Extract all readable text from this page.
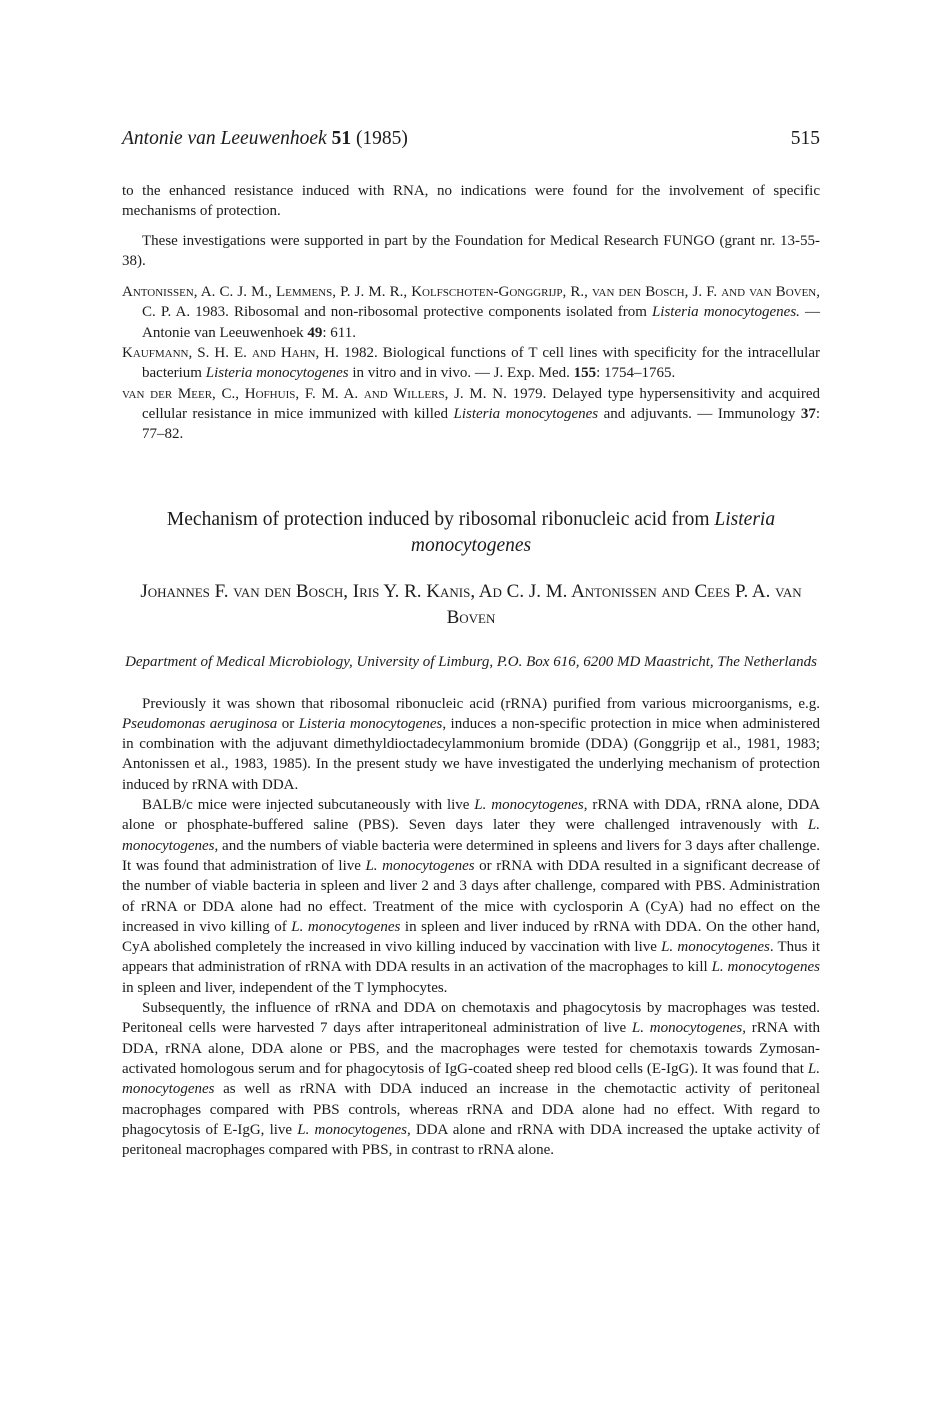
Antonie van Leeuwenhoek 51 (1985)	515

to the enhanced resistance induced with RNA, no indications were found for the involvement of specific mechanisms of protection.

These investigations were supported in part by the Foundation for Medical Research FUNGO (grant nr. 13-55-38).

Antonissen, A. C. J. M., Lemmens, P. J. M. R., Kolfschoten-Gonggrijp, R., van den Bosch, J. F. and van Boven, C. P. A. 1983. Ribosomal and non-ribosomal protective components isolated from Listeria monocytogenes. — Antonie van Leeuwenhoek 49: 611.

Kaufmann, S. H. E. and Hahn, H. 1982. Biological functions of T cell lines with specificity for the intracellular bacterium Listeria monocytogenes in vitro and in vivo. — J. Exp. Med. 155: 1754–1765.

van der Meer, C., Hofhuis, F. M. A. and Willers, J. M. N. 1979. Delayed type hypersensitivity and acquired cellular resistance in mice immunized with killed Listeria monocytogenes and adjuvants. — Immunology 37: 77–82.

Mechanism of protection induced by ribosomal ribonucleic acid from Listeria monocytogenes
Johannes F. van den Bosch, Iris Y. R. Kanis, Ad C. J. M. Antonissen and Cees P. A. van Boven
Department of Medical Microbiology, University of Limburg, P.O. Box 616, 6200 MD Maastricht, The Netherlands

Previously it was shown that ribosomal ribonucleic acid (rRNA) purified from various microorganisms, e.g. Pseudomonas aeruginosa or Listeria monocytogenes, induces a non-specific protection in mice when administered in combination with the adjuvant dimethyldioctadecylammonium bromide (DDA) (Gonggrijp et al., 1981, 1983; Antonissen et al., 1983, 1985). In the present study we have investigated the underlying mechanism of protection induced by rRNA with DDA.

BALB/c mice were injected subcutaneously with live L. monocytogenes, rRNA with DDA, rRNA alone, DDA alone or phosphate-buffered saline (PBS). Seven days later they were challenged intravenously with L. monocytogenes, and the numbers of viable bacteria were determined in spleens and livers for 3 days after challenge. It was found that administration of live L. monocytogenes or rRNA with DDA resulted in a significant decrease of the number of viable bacteria in spleen and liver 2 and 3 days after challenge, compared with PBS. Administration of rRNA or DDA alone had no effect. Treatment of the mice with cyclosporin A (CyA) had no effect on the increased in vivo killing of L. monocytogenes in spleen and liver induced by rRNA with DDA. On the other hand, CyA abolished completely the increased in vivo killing induced by vaccination with live L. monocytogenes. Thus it appears that administration of rRNA with DDA results in an activation of the macrophages to kill L. monocytogenes in spleen and liver, independent of the T lymphocytes.

Subsequently, the influence of rRNA and DDA on chemotaxis and phagocytosis by macrophages was tested. Peritoneal cells were harvested 7 days after intraperitoneal administration of live L. monocytogenes, rRNA with DDA, rRNA alone, DDA alone or PBS, and the macrophages were tested for chemotaxis towards Zymosan-activated homologous serum and for phagocytosis of IgG-coated sheep red blood cells (E-IgG). It was found that L. monocytogenes as well as rRNA with DDA induced an increase in the chemotactic activity of peritoneal macrophages compared with PBS controls, whereas rRNA and DDA alone had no effect. With regard to phagocytosis of E-IgG, live L. monocytogenes, DDA alone and rRNA with DDA increased the uptake activity of peritoneal macrophages compared with PBS, in contrast to rRNA alone.
